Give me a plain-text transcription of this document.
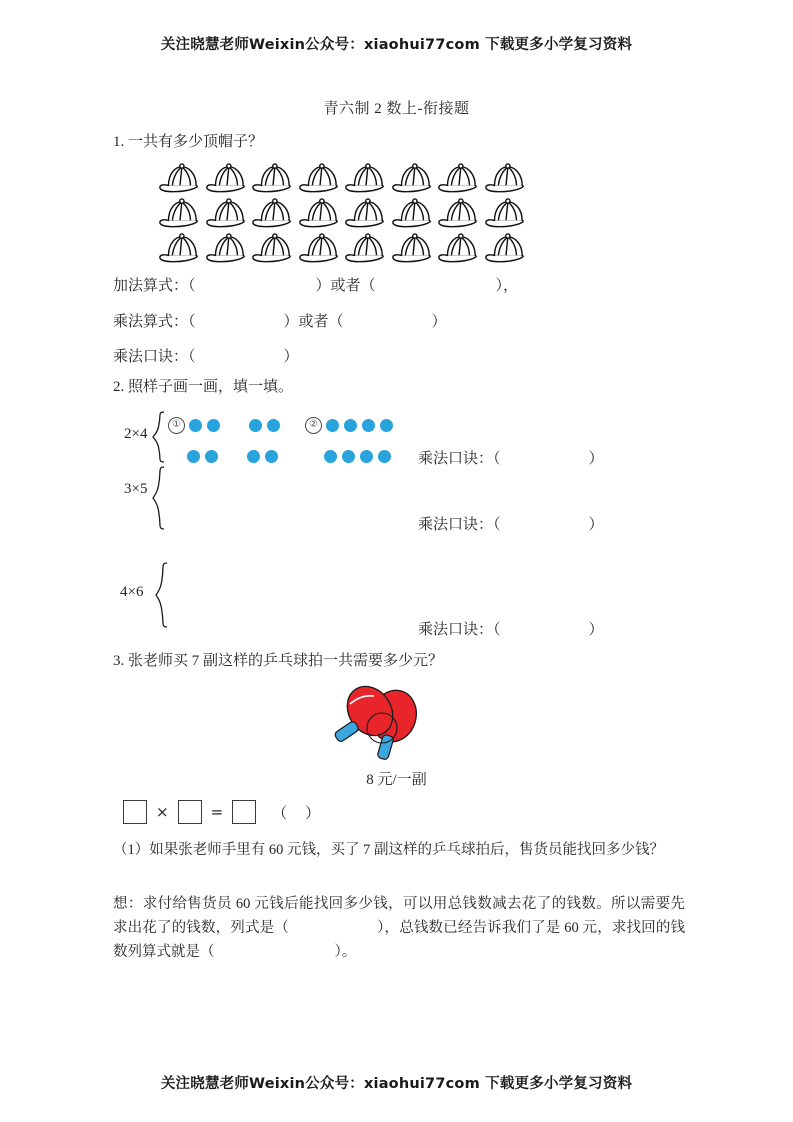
关注晓慧老师Weixin公众号：xiaohui77com 下载更多小学复习资料
青六制 2 数上-衔接题
1. 一共有多少顶帽子？
加法算式：（	）或者（	），
乘法算式：（	）或者（	）
乘法口诀：（	）
2. 照样子画一画，填一填。
2×4
①	②
乘法口诀：（	）
3×5
乘法口诀：（	）
4×6
乘法口诀：（	）
3. 张老师买 7 副这样的乒乓球拍一共需要多少元？
8 元/一副
×	=	（ ）
（1）如果张老师手里有 60 元钱，买了 7 副这样的乒乓球拍后，售货员能找回多少钱？
想：求付给售货员 60 元钱后能找回多少钱，可以用总钱数减去花了的钱数。所以需要先求出花了的钱数，列式是（	），总钱数已经告诉我们了是 60 元，求找回的钱数列算式就是（	）。
关注晓慧老师Weixin公众号：xiaohui77com 下载更多小学复习资料
